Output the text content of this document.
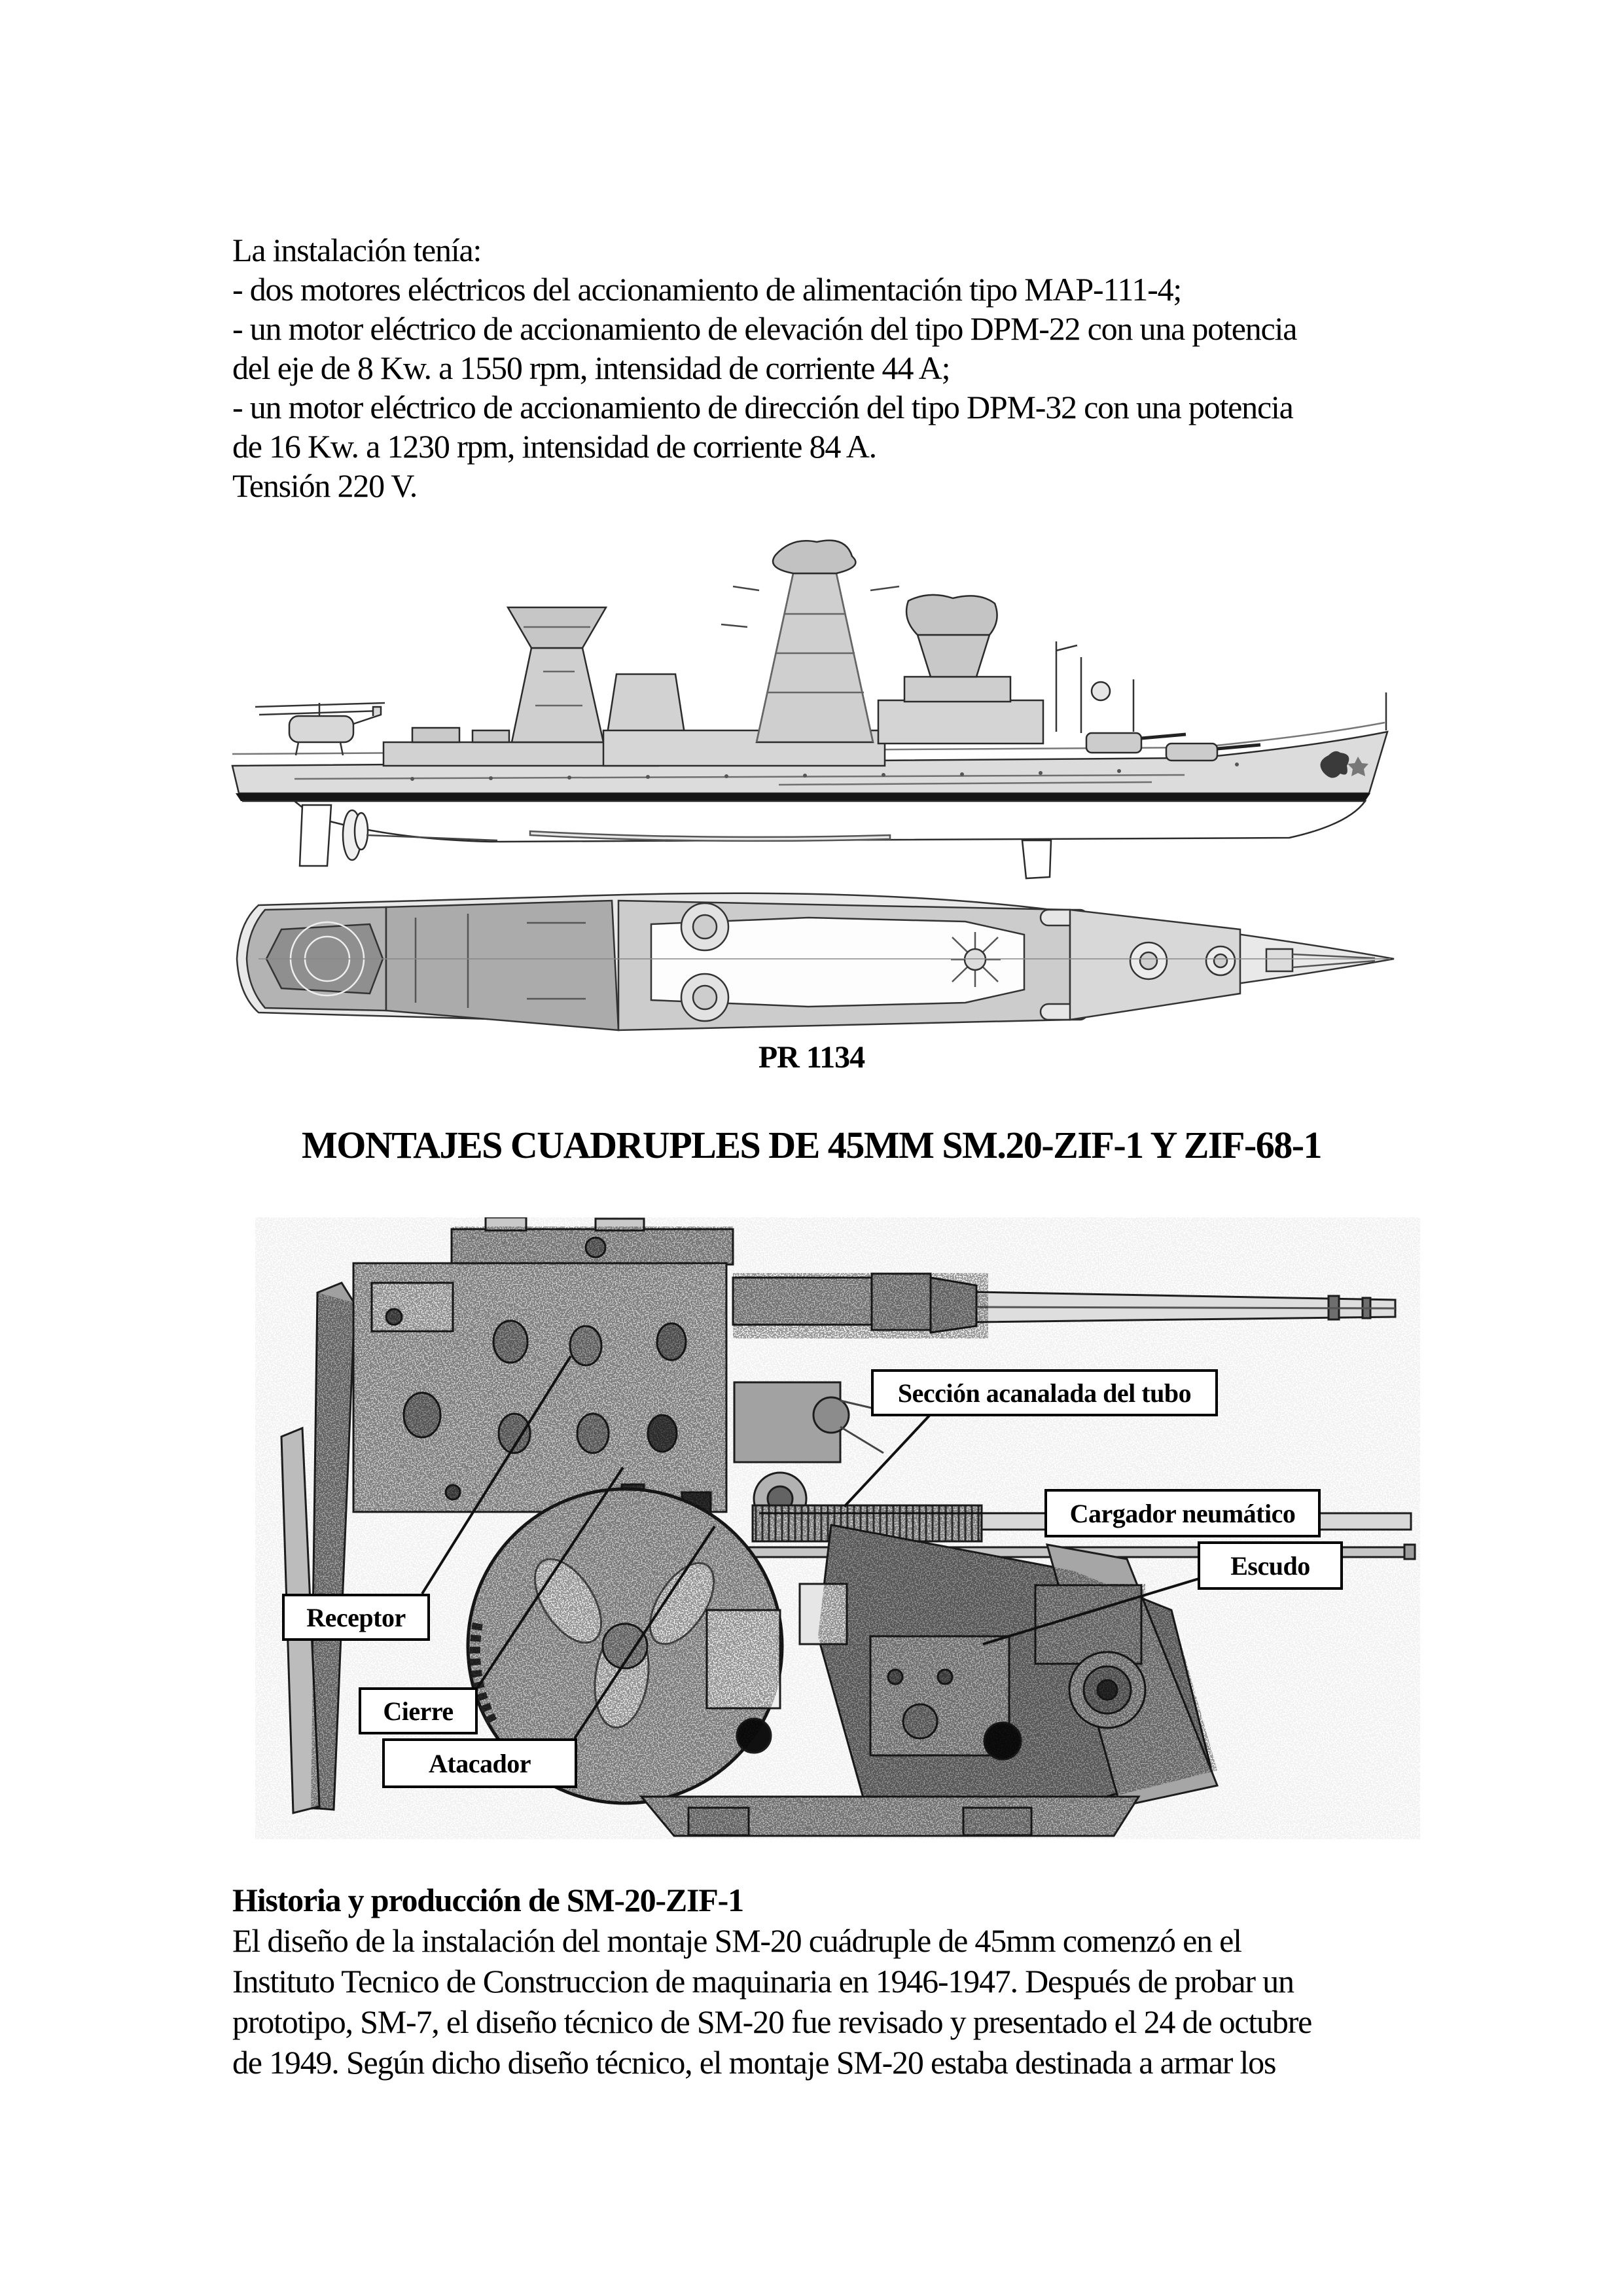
La instalación tenía:
- dos motores eléctricos del accionamiento de alimentación tipo MAP-111-4;
- un motor eléctrico de accionamiento de elevación del tipo DPM-22 con una potencia
del eje de 8 Kw. a 1550 rpm, intensidad de corriente 44 A;
- un motor eléctrico de accionamiento de dirección del tipo DPM-32 con una potencia
de 16 Kw. a 1230 rpm, intensidad de corriente 84 A.
Tensión 220 V.
PR 1134
MONTAJES CUADRUPLES DE 45MM SM.20-ZIF-1 Y ZIF-68-1
Sección acanalada del tubo
Cargador neumático
Escudo
Receptor
Cierre
Atacador
Historia y producción de SM-20-ZIF-1
El diseño de la instalación del montaje SM-20 cuádruple de 45mm comenzó en el
Instituto Tecnico de Construccion de maquinaria en 1946-1947. Después de probar un
prototipo, SM-7, el diseño técnico de SM-20 fue revisado y presentado el 24 de octubre
de 1949. Según dicho diseño técnico, el montaje SM-20 estaba destinada a armar los
